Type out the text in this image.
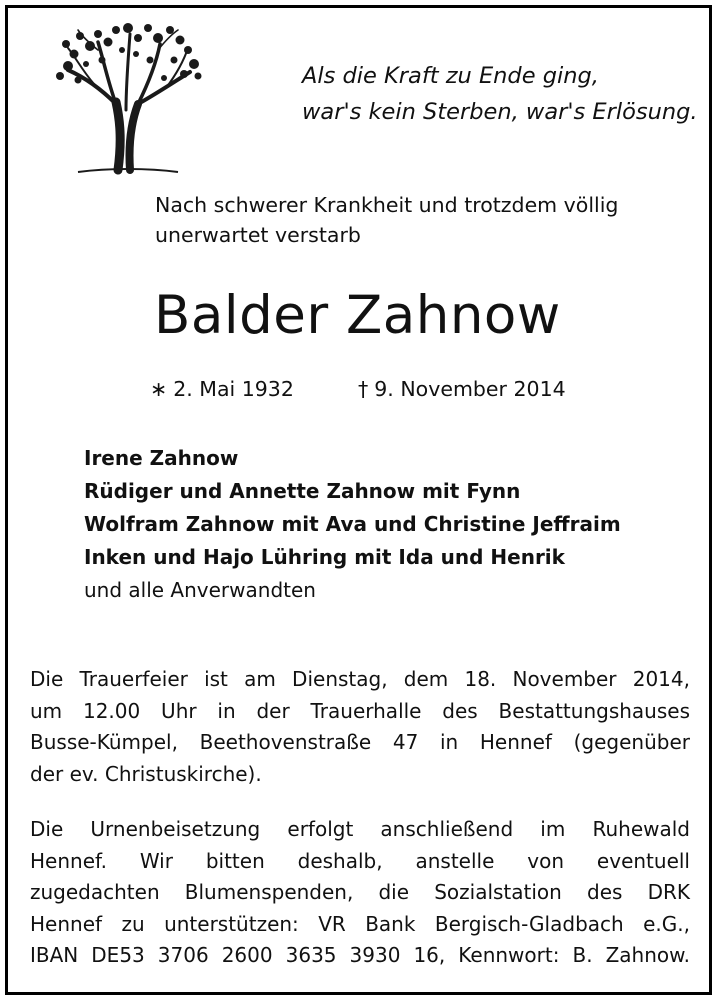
Als die Kraft zu Ende ging,
war's kein Sterben, war's Erlösung.
Nach schwerer Krankheit und trotzdem völlig
unerwartet verstarb
Balder Zahnow
∗ 2. Mai 1932	† 9. November 2014
Irene Zahnow
Rüdiger und Annette Zahnow mit Fynn
Wolfram Zahnow mit Ava und Christine Jeffraim
Inken und Hajo Lühring mit Ida und Henrik
und alle Anverwandten
Die Trauerfeier ist am Dienstag, dem 18. November 2014,
um 12.00 Uhr in der Trauerhalle des Bestattungshauses
Busse-Kümpel, Beethovenstraße 47 in Hennef (gegenüber
der ev. Christuskirche).
Die Urnenbeisetzung erfolgt anschließend im Ruhewald
Hennef. Wir bitten deshalb, anstelle von eventuell
zugedachten Blumenspenden, die Sozialstation des DRK
Hennef zu unterstützen: VR Bank Bergisch-Gladbach e.G.,
IBAN DE53 3706 2600 3635 3930 16, Kennwort: B. Zahnow.
